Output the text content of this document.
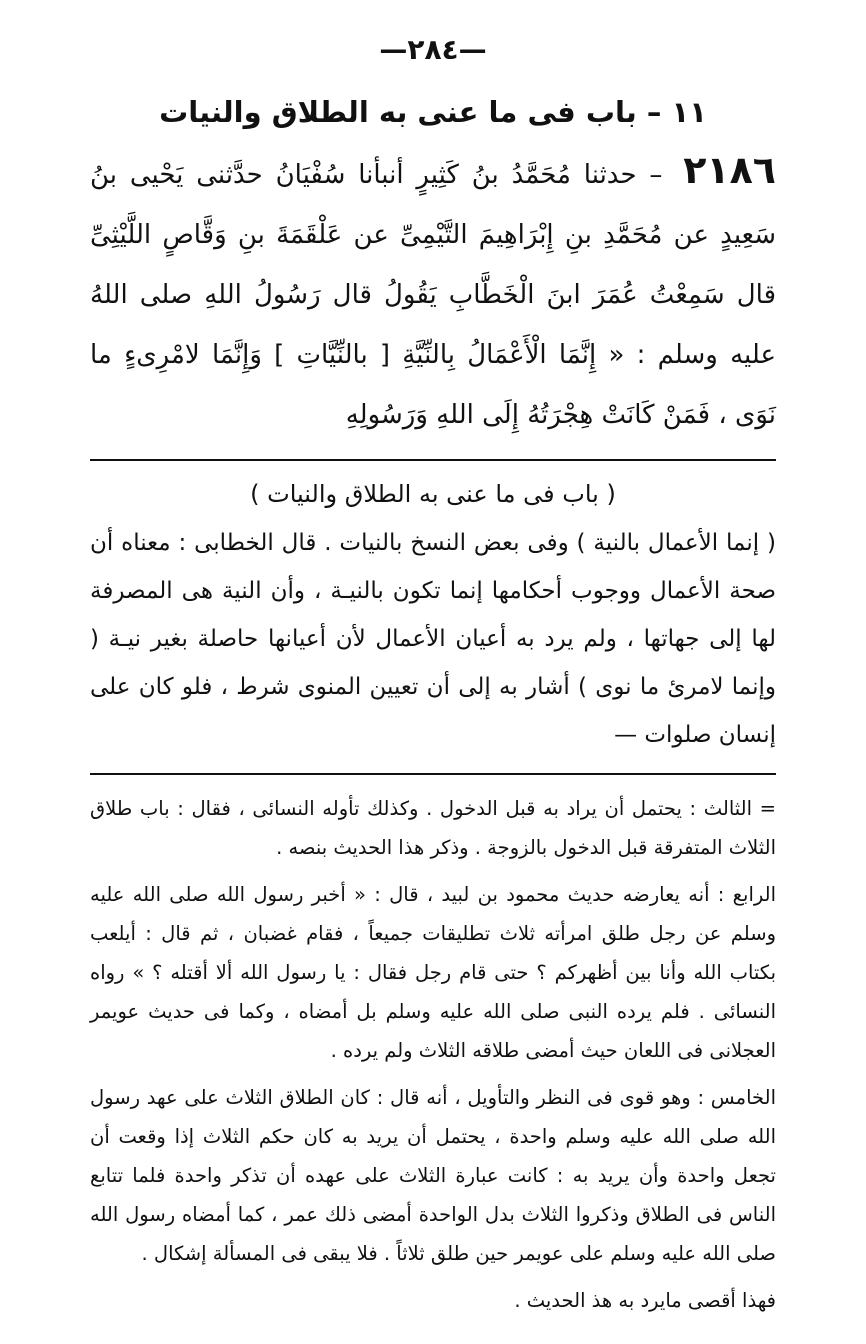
—٢٨٤—
١١ – باب فى ما عنى به الطلاق والنيات
٢١٨٦ – حدثنا مُحَمَّدُ بنُ كَثِيرٍ أنبأنا سُفْيَانُ حدَّثنى يَحْيى بنُ سَعِيدٍ عن مُحَمَّدِ بنِ إِبْرَاهِيمَ التَّيْمِىِّ عن عَلْقَمَةَ بنِ وَقَّاصٍ اللَّيْثِىِّ قال سَمِعْتُ عُمَرَ ابنَ الْخَطَّابِ يَقُولُ قال رَسُولُ اللهِ صلى اللهُ عليه وسلم : « إِنَّمَا الْأَعْمَالُ بِالنِّيَّةِ [ بالنِّيَّاتِ ] وَإِنَّمَا لامْرِىءٍ ما نَوَى ، فَمَنْ كَانَتْ هِجْرَتُهُ إِلَى اللهِ وَرَسُولِهِ
( باب فى ما عنى به الطلاق والنيات )
( إنما الأعمال بالنية ) وفى بعض النسخ بالنيات . قال الخطابى : معناه أن صحة الأعمال ووجوب أحكامها إنما تكون بالنيـة ، وأن النية هى المصرفة لها إلى جهاتها ، ولم يرد به أعيان الأعمال لأن أعيانها حاصلة بغير نيـة ( وإنما لامرئ ما نوى ) أشار به إلى أن تعيين المنوى شرط ، فلو كان على إنسان صلوات —

= الثالث : يحتمل أن يراد به قبل الدخول . وكذلك تأوله النسائى ، فقال : باب طلاق الثلاث المتفرقة قبل الدخول بالزوجة . وذكر هذا الحديث بنصه .

الرابع : أنه يعارضه حديث محمود بن لبيد ، قال : « أخبر رسول الله صلى الله عليه وسلم عن رجل طلق امرأته ثلاث تطليقات جميعاً ، فقام غضبان ، ثم قال : أيلعب بكتاب الله وأنا بين أظهركم ؟ حتى قام رجل فقال : يا رسول الله ألا أقتله ؟ » رواه النسائى . فلم يرده النبى صلى الله عليه وسلم بل أمضاه ، وكما فى حديث عويمر العجلانى فى اللعان حيث أمضى طلاقه الثلاث ولم يرده .

الخامس : وهو قوى فى النظر والتأويل ، أنه قال : كان الطلاق الثلاث على عهد رسول الله صلى الله عليه وسلم واحدة ، يحتمل أن يريد به كان حكم الثلاث إذا وقعت أن تجعل واحدة وأن يريد به : كانت عبارة الثلاث على عهده أن تذكر واحدة فلما تتابع الناس فى الطلاق وذكروا الثلاث بدل الواحدة أمضى ذلك عمر ، كما أمضاه رسول الله صلى الله عليه وسلم على عويمر حين طلق ثلاثاً . فلا يبقى فى المسألة إشكال .

فهذا أقصى مايرد به هذ الحديث .
